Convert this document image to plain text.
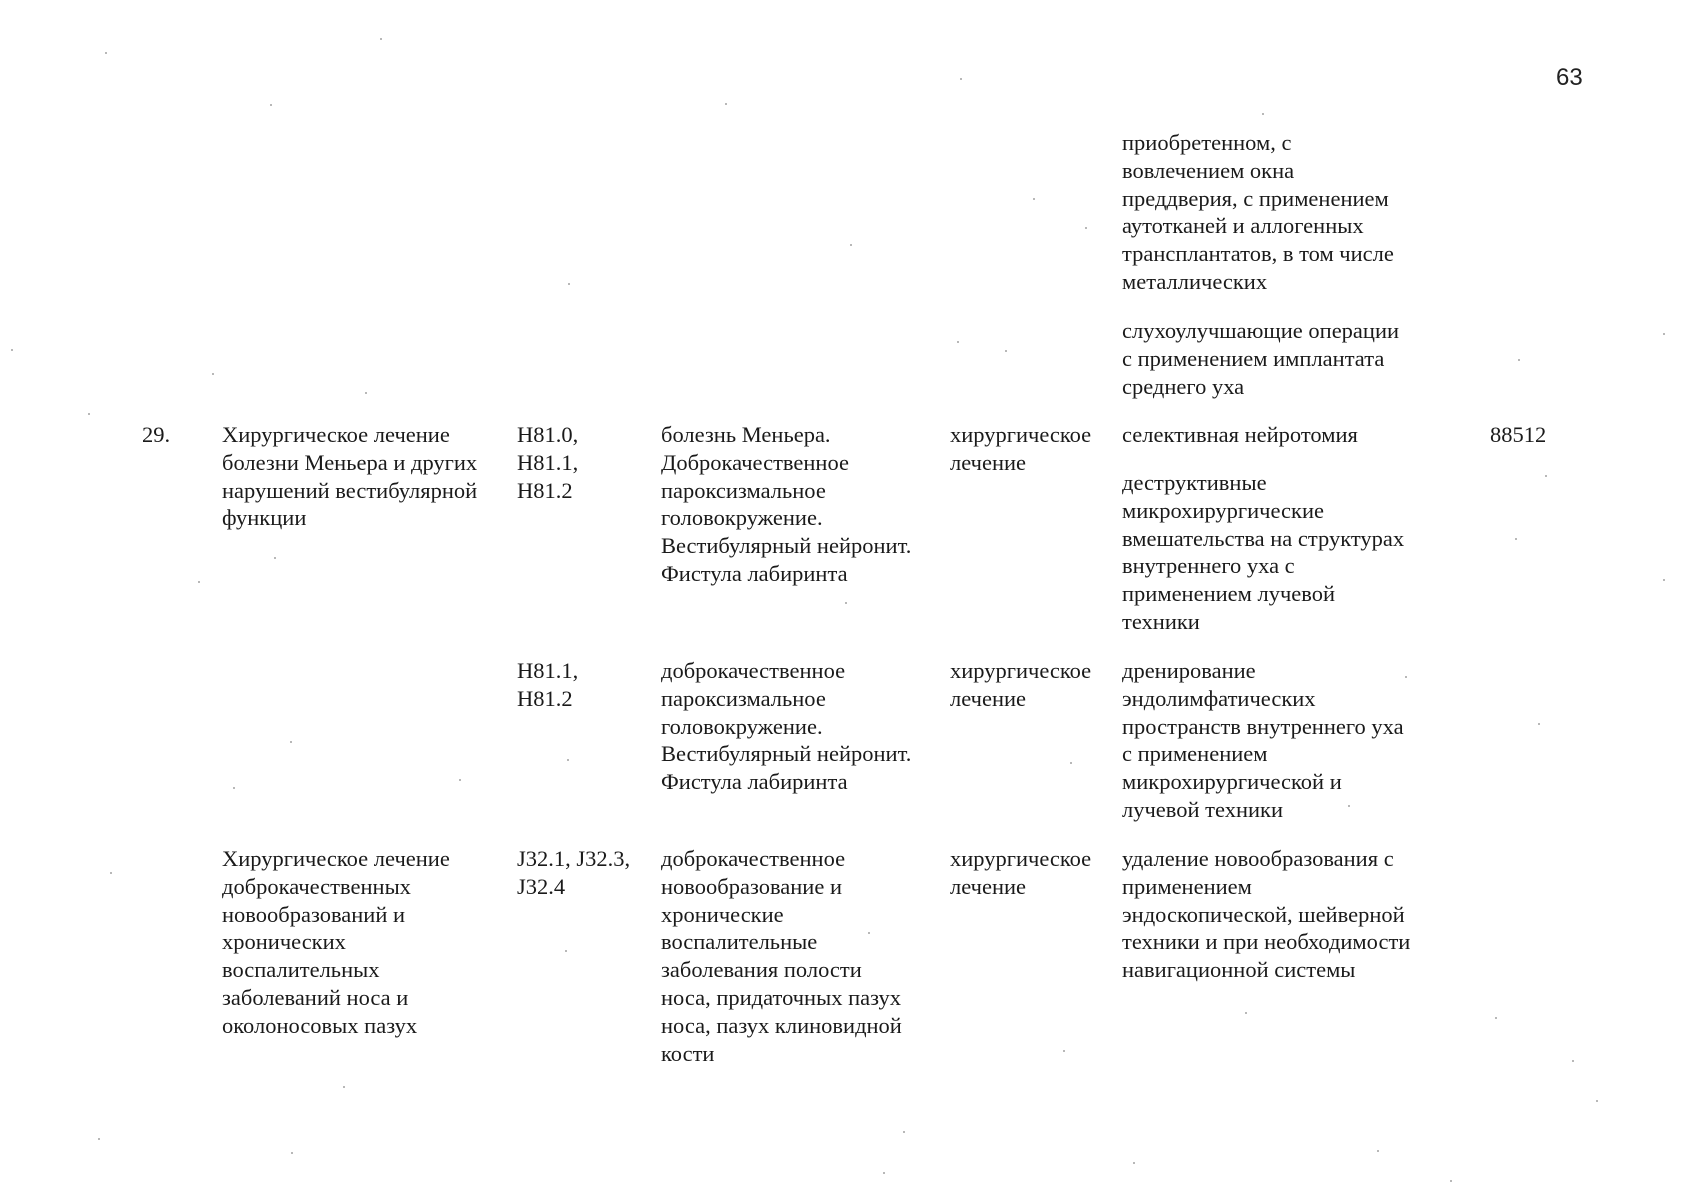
63
приобретенном, с
вовлечением окна
преддверия, с применением
аутотканей и аллогенных
трансплантатов, в том числе
металлических
слухоулучшающие операции
с применением имплантата
среднего уха
29. Хирургическое лечение
болезни Меньера и других
нарушений вестибулярной
функции
H81.0,
H81.1,
H81.2
болезнь Меньера.
Доброкачественное
пароксизмальное
головокружение.
Вестибулярный нейронит.
Фистула лабиринта
хирургическое
лечение
селективная нейротомия
деструктивные
микрохирургические
вмешательства на структурах
внутреннего уха с
применением лучевой
техники
88512
H81.1,
H81.2
доброкачественное
пароксизмальное
головокружение.
Вестибулярный нейронит.
Фистула лабиринта
хирургическое
лечение
дренирование
эндолимфатических
пространств внутреннего уха
с применением
микрохирургической и
лучевой техники
Хирургическое лечение
доброкачественных
новообразований и
хронических
воспалительных
заболеваний носа и
околоносовых пазух
J32.1, J32.3,
J32.4
доброкачественное
новообразование и
хронические
воспалительные
заболевания полости
носа, придаточных пазух
носа, пазух клиновидной
кости
хирургическое
лечение
удаление новообразования с
применением
эндоскопической, шейверной
техники и при необходимости
навигационной системы
